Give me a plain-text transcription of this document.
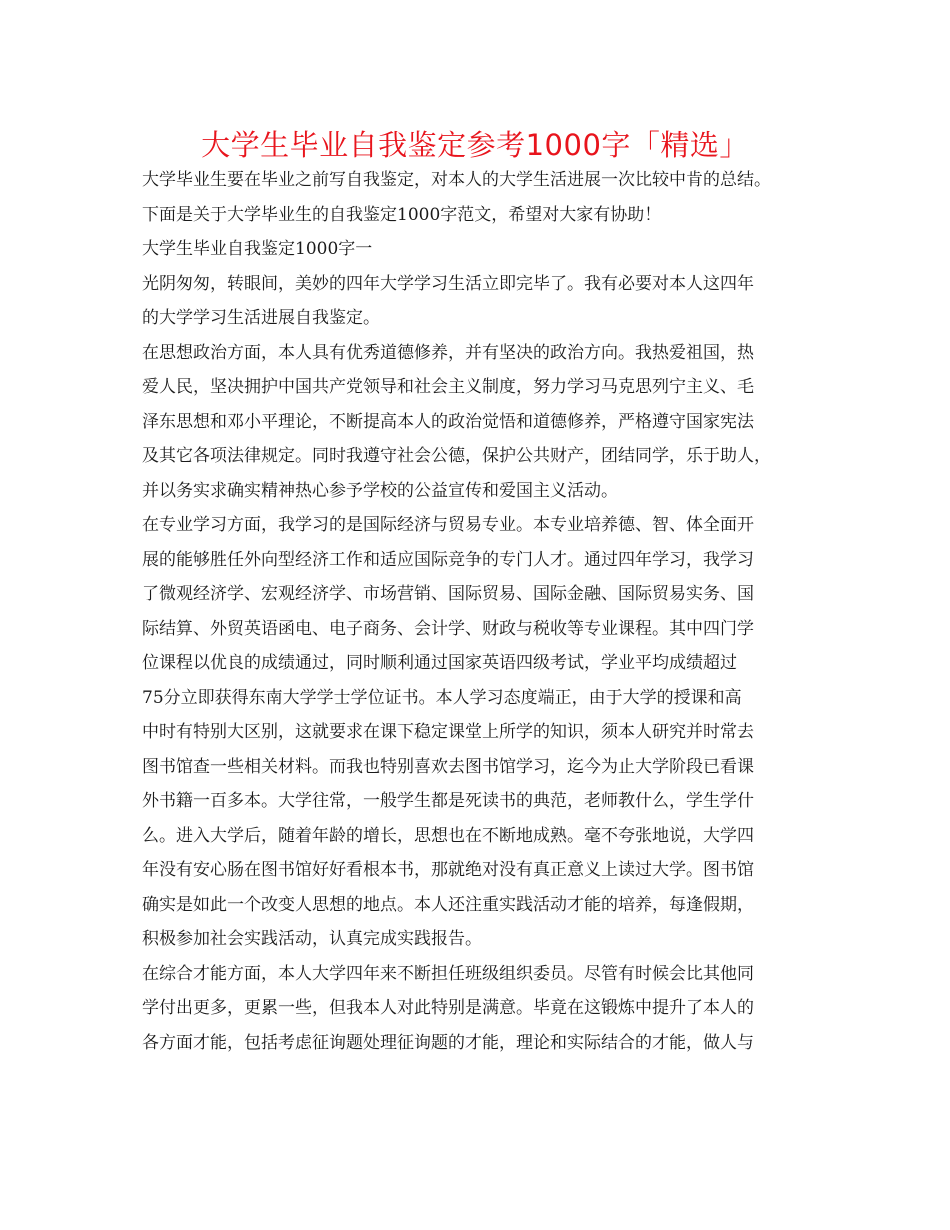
大学生毕业自我鉴定参考1000字「精选」
大学毕业生要在毕业之前写自我鉴定，对本人的大学生活进展一次比较中肯的总结。
下面是关于大学毕业生的自我鉴定1000字范文，希望对大家有协助！
大学生毕业自我鉴定1000字一
光阴匆匆，转眼间，美妙的四年大学学习生活立即完毕了。我有必要对本人这四年
的大学学习生活进展自我鉴定。
在思想政治方面，本人具有优秀道德修养，并有坚决的政治方向。我热爱祖国，热
爱人民，坚决拥护中国共产党领导和社会主义制度，努力学习马克思列宁主义、毛
泽东思想和邓小平理论，不断提高本人的政治觉悟和道德修养，严格遵守国家宪法
及其它各项法律规定。同时我遵守社会公德，保护公共财产，团结同学，乐于助人，
并以务实求确实精神热心参予学校的公益宣传和爱国主义活动。
在专业学习方面，我学习的是国际经济与贸易专业。本专业培养德、智、体全面开
展的能够胜任外向型经济工作和适应国际竞争的专门人才。通过四年学习，我学习
了微观经济学、宏观经济学、市场营销、国际贸易、国际金融、国际贸易实务、国
际结算、外贸英语函电、电子商务、会计学、财政与税收等专业课程。其中四门学
位课程以优良的成绩通过，同时顺利通过国家英语四级考试，学业平均成绩超过
75分立即获得东南大学学士学位证书。本人学习态度端正，由于大学的授课和高
中时有特别大区别，这就要求在课下稳定课堂上所学的知识，须本人研究并时常去
图书馆查一些相关材料。而我也特别喜欢去图书馆学习，迄今为止大学阶段已看课
外书籍一百多本。大学往常，一般学生都是死读书的典范，老师教什么，学生学什
么。进入大学后，随着年龄的增长，思想也在不断地成熟。毫不夸张地说，大学四
年没有安心肠在图书馆好好看根本书，那就绝对没有真正意义上读过大学。图书馆
确实是如此一个改变人思想的地点。本人还注重实践活动才能的培养，每逢假期，
积极参加社会实践活动，认真完成实践报告。
在综合才能方面，本人大学四年来不断担任班级组织委员。尽管有时候会比其他同
学付出更多，更累一些，但我本人对此特别是满意。毕竟在这锻炼中提升了本人的
各方面才能，包括考虑征询题处理征询题的才能，理论和实际结合的才能，做人与
